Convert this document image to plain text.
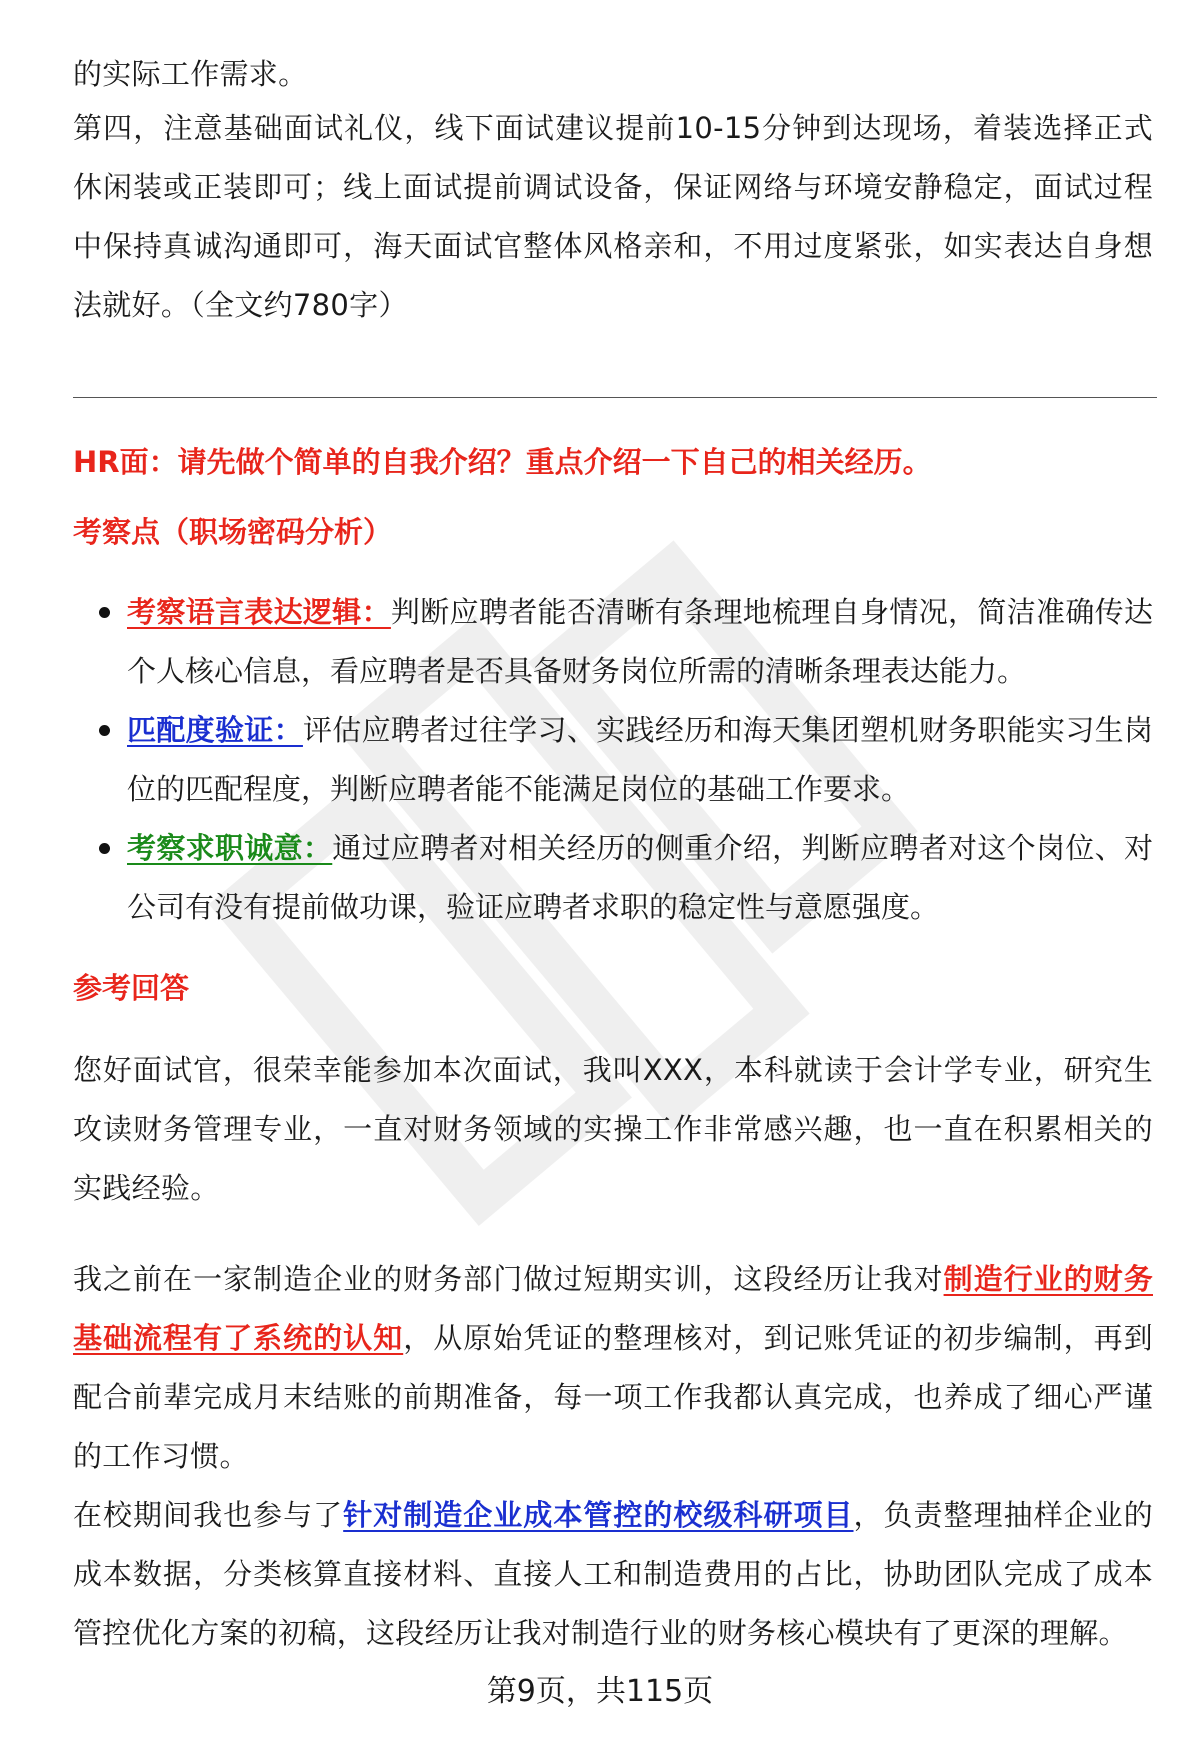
的实际工作需求。

第四，注意基础面试礼仪，线下面试建议提前10-15分钟到达现场，着装选择正式休闲装或正装即可；线上面试提前调试设备，保证网络与环境安静稳定，面试过程中保持真诚沟通即可，海天面试官整体风格亲和，不用过度紧张，如实表达自身想法就好。（全文约780字）

HR面：请先做个简单的自我介绍？重点介绍一下自己的相关经历。

考察点（职场密码分析）

考察语言表达逻辑：判断应聘者能否清晰有条理地梳理自身情况，简洁准确传达个人核心信息，看应聘者是否具备财务岗位所需的清晰条理表达能力。
匹配度验证：评估应聘者过往学习、实践经历和海天集团塑机财务职能实习生岗位的匹配程度，判断应聘者能不能满足岗位的基础工作要求。
考察求职诚意：通过应聘者对相关经历的侧重介绍，判断应聘者对这个岗位、对公司有没有提前做功课，验证应聘者求职的稳定性与意愿强度。

参考回答

您好面试官，很荣幸能参加本次面试，我叫XXX，本科就读于会计学专业，研究生攻读财务管理专业，一直对财务领域的实操工作非常感兴趣，也一直在积累相关的实践经验。

我之前在一家制造企业的财务部门做过短期实训，这段经历让我对制造行业的财务基础流程有了系统的认知，从原始凭证的整理核对，到记账凭证的初步编制，再到配合前辈完成月末结账的前期准备，每一项工作我都认真完成，也养成了细心严谨的工作习惯。

在校期间我也参与了针对制造企业成本管控的校级科研项目，负责整理抽样企业的成本数据，分类核算直接材料、直接人工和制造费用的占比，协助团队完成了成本管控优化方案的初稿，这段经历让我对制造行业的财务核心模块有了更深的理解。

第9页，共115页
